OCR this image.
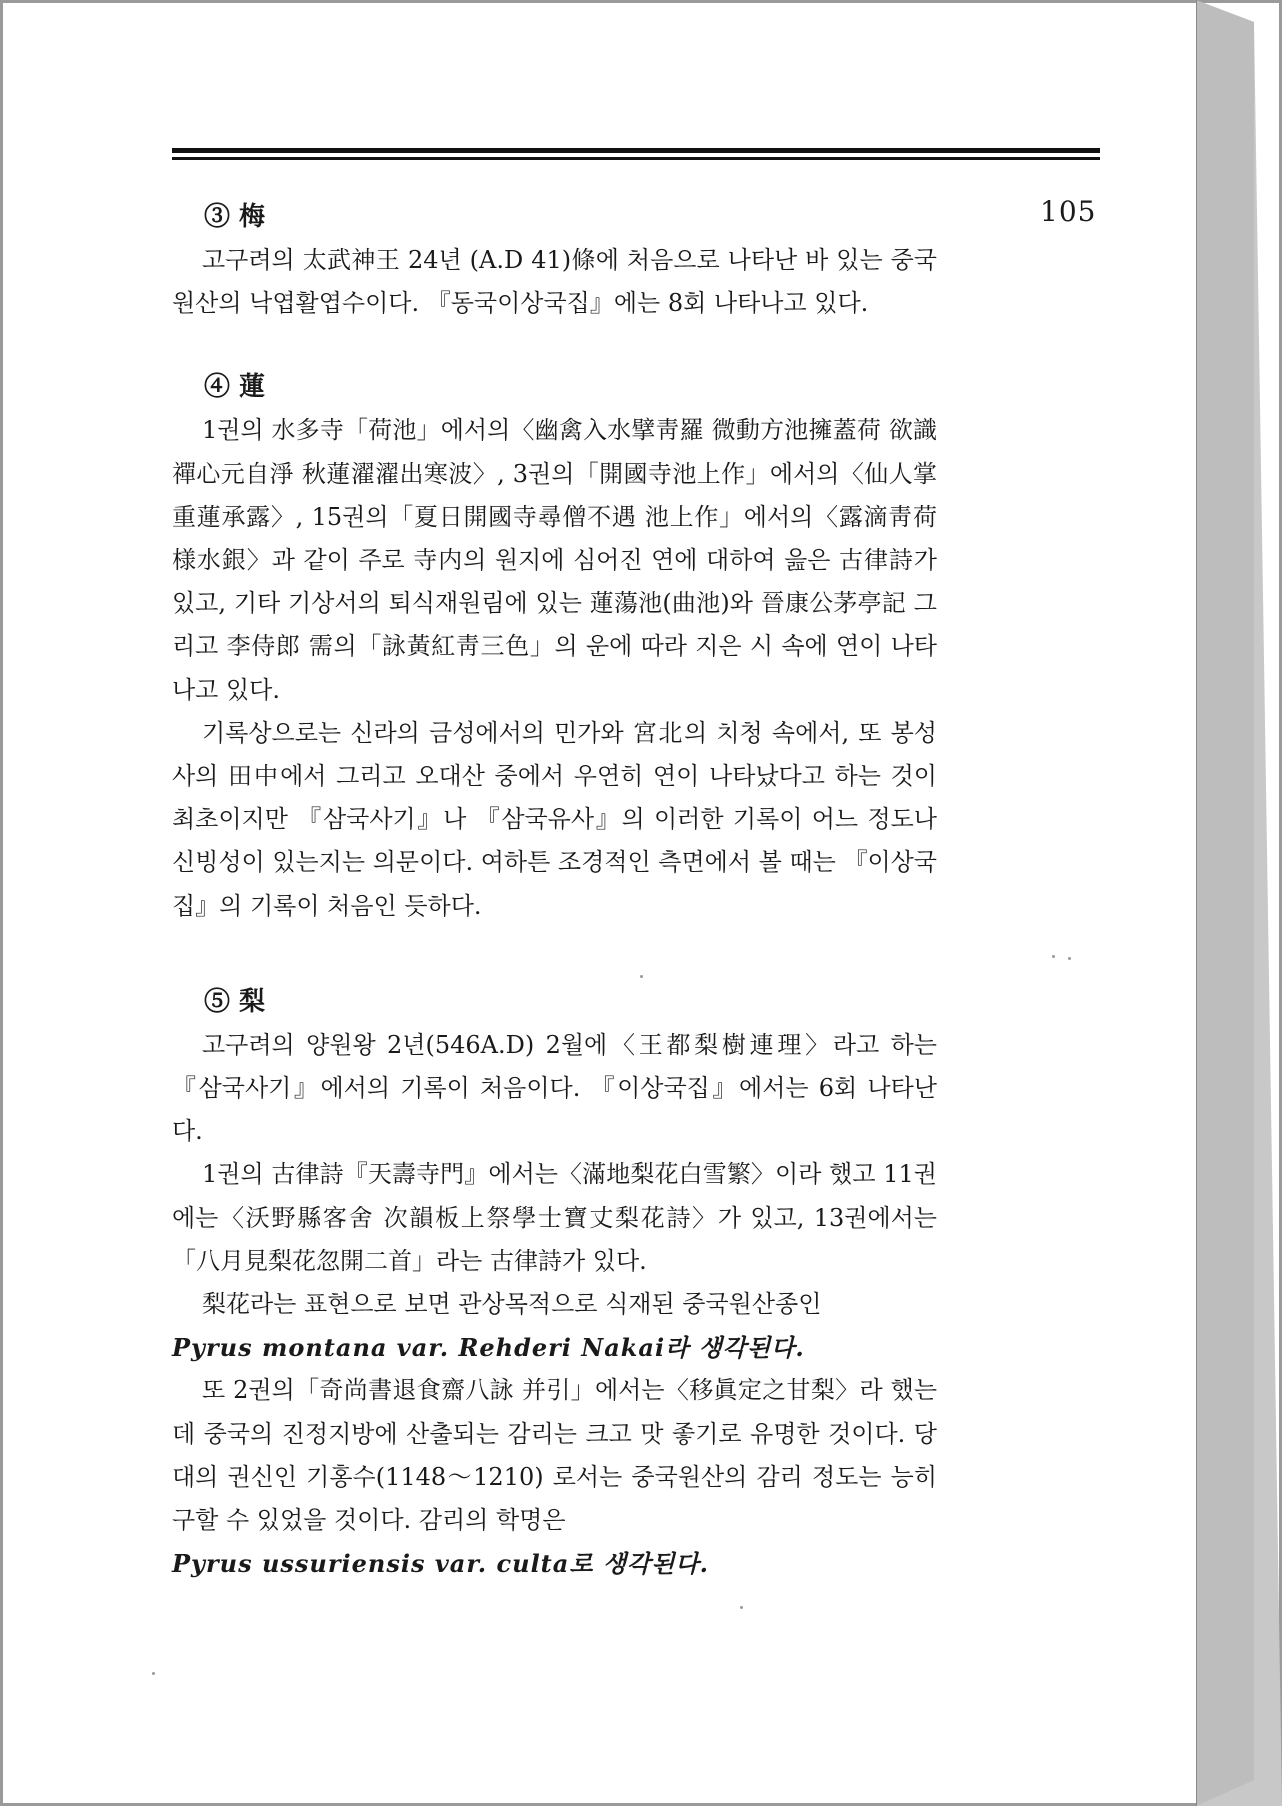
105

③ 梅

고구려의 太武神王 24년 (A.D 41)條에 처음으로 나타난 바 있는 중국원산의 낙엽활엽수이다. 『동국이상국집』에는 8회 나타나고 있다.

④ 蓮

1권의 水多寺「荷池」에서의〈幽禽入水擘靑羅 微動方池擁蓋荷 欲識禪心元自淨 秋蓮濯濯出寒波〉, 3권의「開國寺池上作」에서의〈仙人掌重蓮承露〉, 15권의「夏日開國寺尋僧不遇 池上作」에서의〈露滴靑荷様水銀〉과 같이 주로 寺内의 원지에 심어진 연에 대하여 읊은 古律詩가 있고, 기타 기상서의 퇴식재원림에 있는 蓮蕩池(曲池)와 晉康公茅亭記 그리고 李侍郎 需의「詠黃紅靑三色」의 운에 따라 지은 시 속에 연이 나타나고 있다.

기록상으로는 신라의 금성에서의 민가와 宮北의 치청 속에서, 또 봉성사의 田中에서 그리고 오대산 중에서 우연히 연이 나타났다고 하는 것이 최초이지만 『삼국사기』나 『삼국유사』의 이러한 기록이 어느 정도나 신빙성이 있는지는 의문이다. 여하튼 조경적인 측면에서 볼 때는 『이상국집』의 기록이 처음인 듯하다.

⑤ 梨

고구려의 양원왕 2년(546A.D) 2월에〈王都梨樹連理〉라고 하는 『삼국사기』에서의 기록이 처음이다. 『이상국집』에서는 6회 나타난다.

1권의 古律詩『天壽寺門』에서는〈滿地梨花白雪繁〉이라 했고 11권에는〈沃野縣客舍 次韻板上祭學士寶丈梨花詩〉가 있고, 13권에서는「八月見梨花忽開二首」라는 古律詩가 있다.

梨花라는 표현으로 보면 관상목적으로 식재된 중국원산종인

Pyrus montana var. Rehderi Nakai라 생각된다.

또 2권의「奇尚書退食齋八詠 并引」에서는〈移眞定之甘梨〉라 했는데 중국의 진정지방에 산출되는 감리는 크고 맛 좋기로 유명한 것이다. 당대의 권신인 기홍수(1148～1210) 로서는 중국원산의 감리 정도는 능히 구할 수 있었을 것이다. 감리의 학명은

Pyrus ussuriensis var. culta로 생각된다.
